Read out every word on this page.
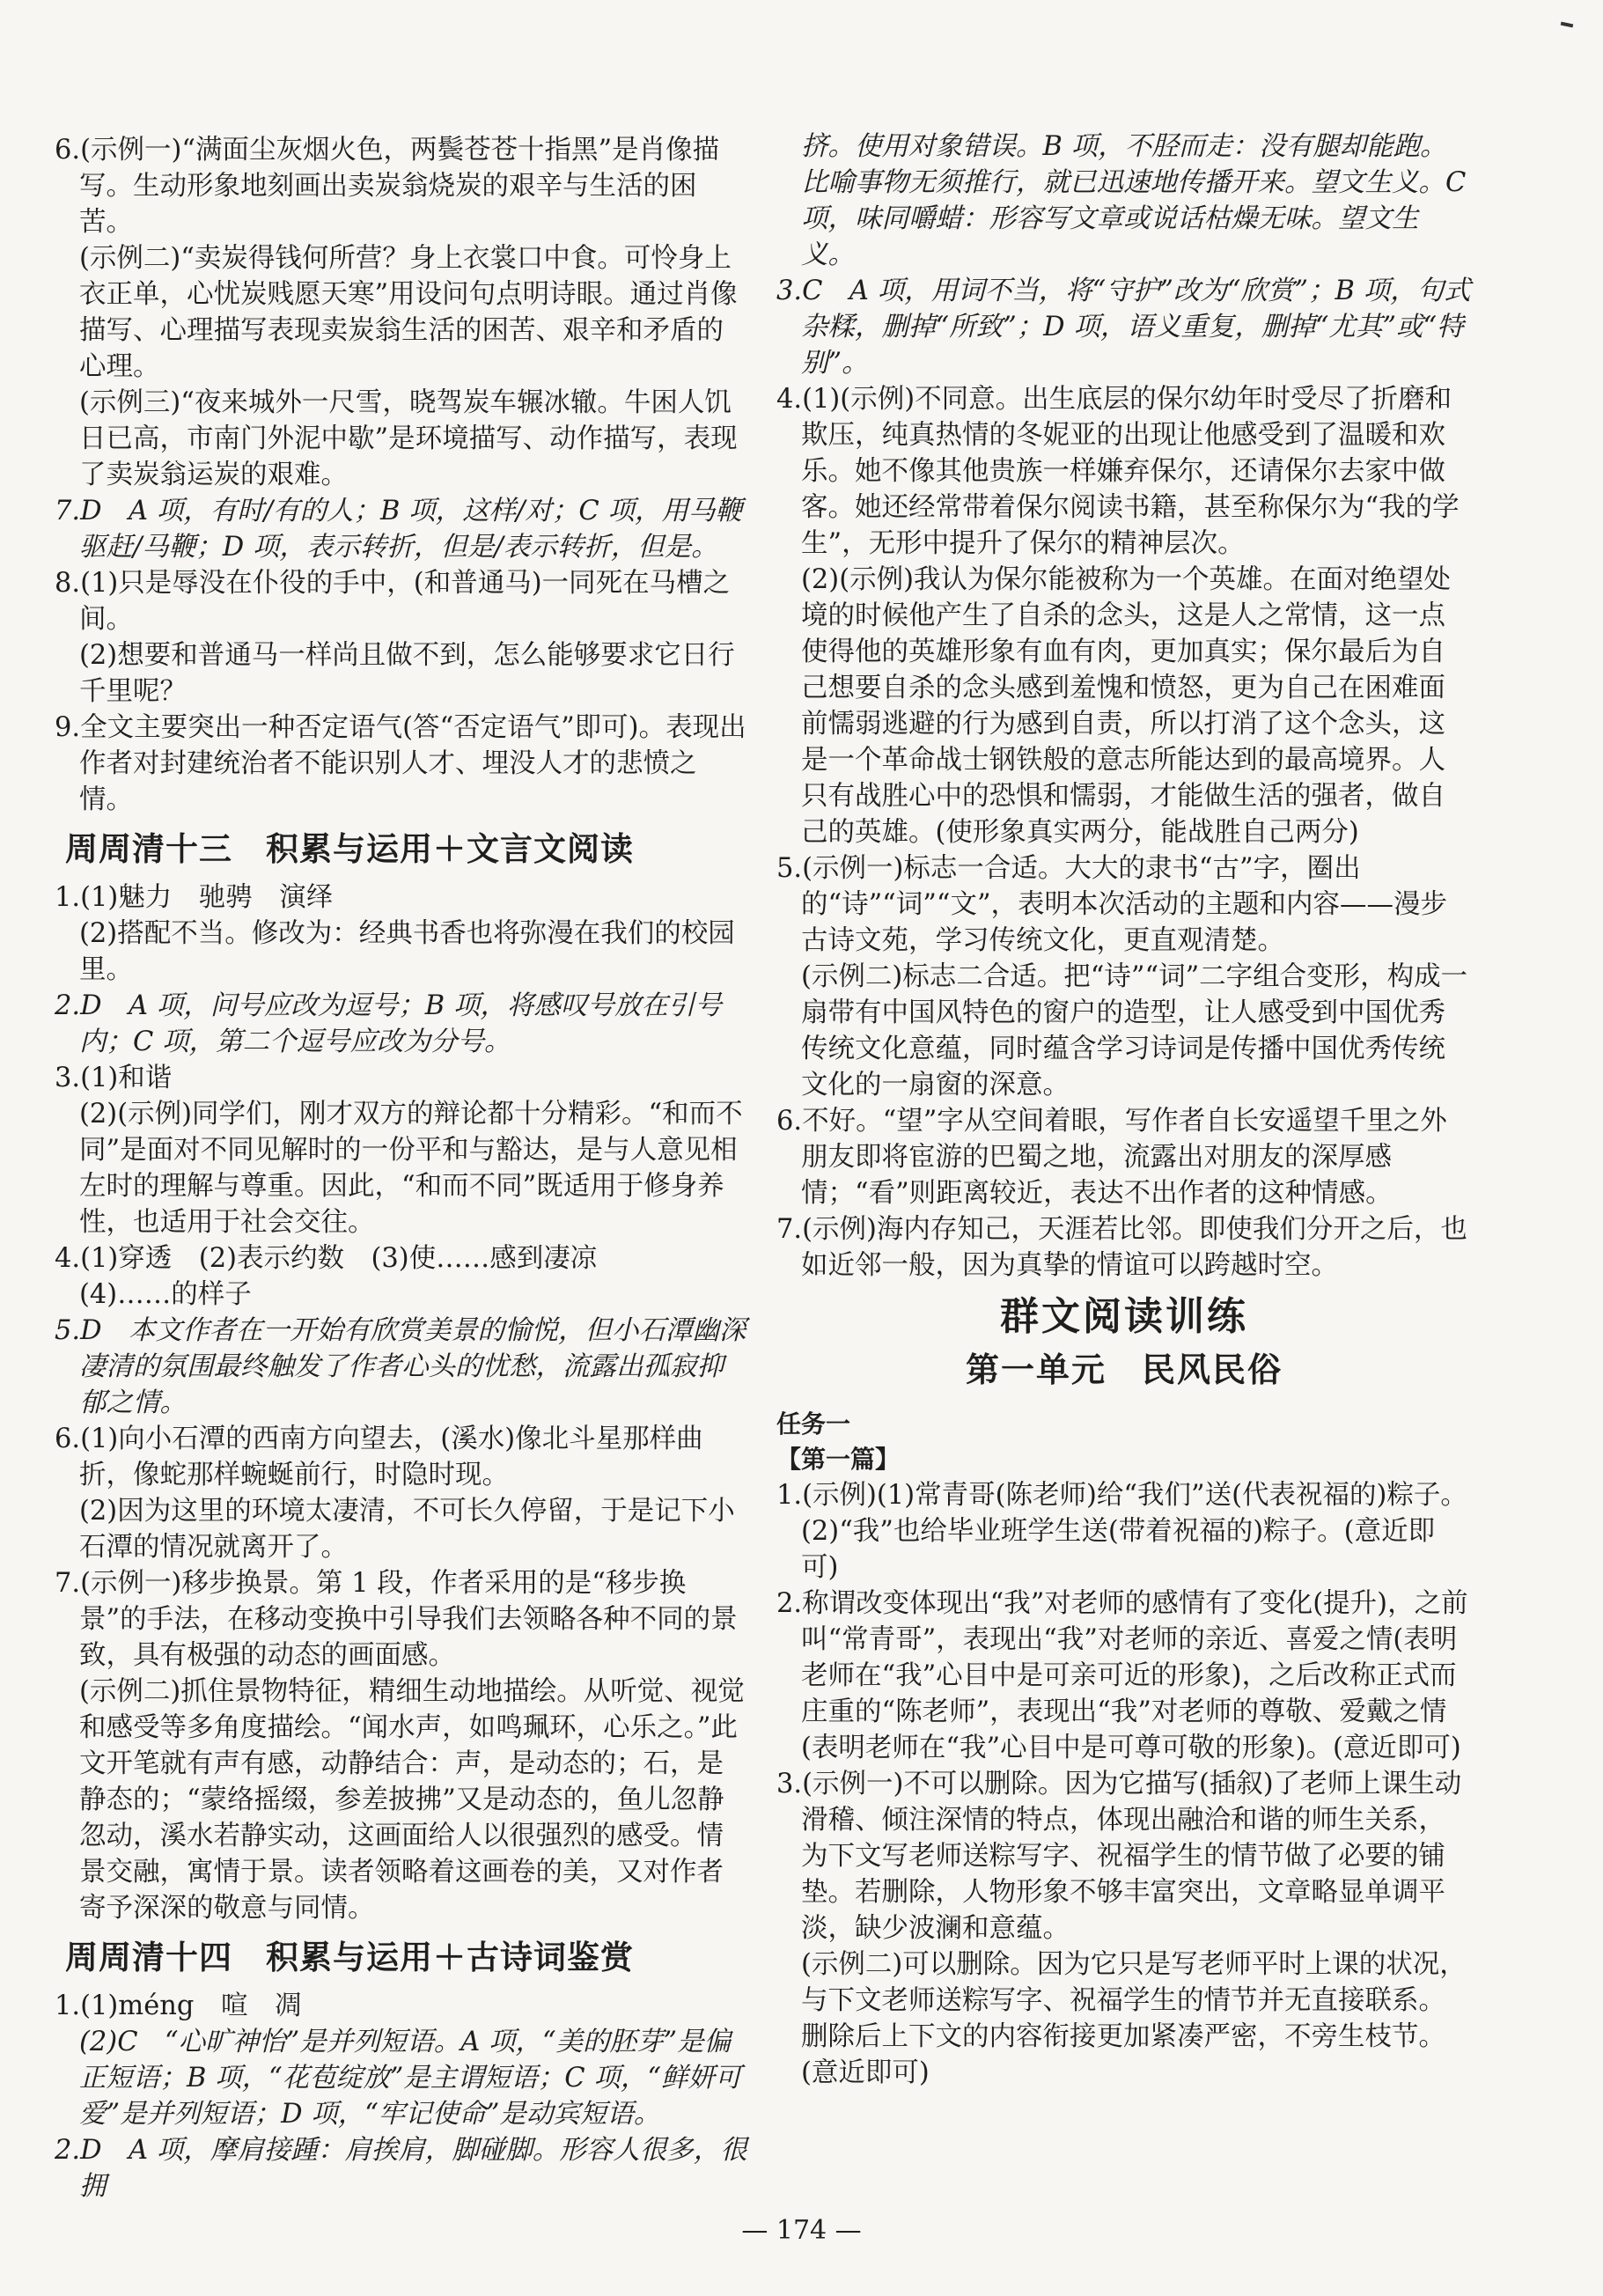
6.(示例一)“满面尘灰烟火色，两鬓苍苍十指黑”是肖像描写。生动形象地刻画出卖炭翁烧炭的艰辛与生活的困苦。

(示例二)“卖炭得钱何所营？身上衣裳口中食。可怜身上衣正单，心忧炭贱愿天寒”用设问句点明诗眼。通过肖像描写、心理描写表现卖炭翁生活的困苦、艰辛和矛盾的心理。

(示例三)“夜来城外一尺雪，晓驾炭车辗冰辙。牛困人饥日已高，市南门外泥中歇”是环境描写、动作描写，表现了卖炭翁运炭的艰难。

7.D　A 项，有时/有的人；B 项，这样/对；C 项，用马鞭驱赶/马鞭；D 项，表示转折，但是/表示转折，但是。

8.(1)只是辱没在仆役的手中，(和普通马)一同死在马槽之间。

(2)想要和普通马一样尚且做不到，怎么能够要求它日行千里呢？

9.全文主要突出一种否定语气(答“否定语气”即可)。表现出作者对封建统治者不能识别人才、埋没人才的悲愤之情。

周周清十三　积累与运用＋文言文阅读

1.(1)魅力　驰骋　演绎

(2)搭配不当。修改为：经典书香也将弥漫在我们的校园里。

2.D　A 项，问号应改为逗号；B 项，将感叹号放在引号内；C 项，第二个逗号应改为分号。

3.(1)和谐

(2)(示例)同学们，刚才双方的辩论都十分精彩。“和而不同”是面对不同见解时的一份平和与豁达，是与人意见相左时的理解与尊重。因此，“和而不同”既适用于修身养性，也适用于社会交往。

4.(1)穿透　(2)表示约数　(3)使……感到凄凉

(4)……的样子

5.D　本文作者在一开始有欣赏美景的愉悦，但小石潭幽深凄清的氛围最终触发了作者心头的忧愁，流露出孤寂抑郁之情。

6.(1)向小石潭的西南方向望去，(溪水)像北斗星那样曲折，像蛇那样蜿蜒前行，时隐时现。

(2)因为这里的环境太凄清，不可长久停留，于是记下小石潭的情况就离开了。

7.(示例一)移步换景。第 1 段，作者采用的是“移步换景”的手法，在移动变换中引导我们去领略各种不同的景致，具有极强的动态的画面感。

(示例二)抓住景物特征，精细生动地描绘。从听觉、视觉和感受等多角度描绘。“闻水声，如鸣珮环，心乐之。”此文开笔就有声有感，动静结合：声，是动态的；石，是静态的；“蒙络摇缀，参差披拂”又是动态的，鱼儿忽静忽动，溪水若静实动，这画面给人以很强烈的感受。情景交融，寓情于景。读者领略着这画卷的美，又对作者寄予深深的敬意与同情。

周周清十四　积累与运用＋古诗词鉴赏

1.(1)méng　喧　凋

(2)C　“心旷神怡”是并列短语。A 项，“美的胚芽”是偏正短语；B 项，“花苞绽放”是主谓短语；C 项，“鲜妍可爱”是并列短语；D 项，“牢记使命”是动宾短语。

2.D　A 项，摩肩接踵：肩挨肩，脚碰脚。形容人很多，很拥

挤。使用对象错误。B 项，不胫而走：没有腿却能跑。比喻事物无须推行，就已迅速地传播开来。望文生义。C 项，味同嚼蜡：形容写文章或说话枯燥无味。望文生义。

3.C　A 项，用词不当，将“守护”改为“欣赏”；B 项，句式杂糅，删掉“所致”；D 项，语义重复，删掉“尤其”或“特别”。

4.(1)(示例)不同意。出生底层的保尔幼年时受尽了折磨和欺压，纯真热情的冬妮亚的出现让他感受到了温暖和欢乐。她不像其他贵族一样嫌弃保尔，还请保尔去家中做客。她还经常带着保尔阅读书籍，甚至称保尔为“我的学生”，无形中提升了保尔的精神层次。

(2)(示例)我认为保尔能被称为一个英雄。在面对绝望处境的时候他产生了自杀的念头，这是人之常情，这一点使得他的英雄形象有血有肉，更加真实；保尔最后为自己想要自杀的念头感到羞愧和愤怒，更为自己在困难面前懦弱逃避的行为感到自责，所以打消了这个念头，这是一个革命战士钢铁般的意志所能达到的最高境界。人只有战胜心中的恐惧和懦弱，才能做生活的强者，做自己的英雄。(使形象真实两分，能战胜自己两分)

5.(示例一)标志一合适。大大的隶书“古”字，圈出的“诗”“词”“文”，表明本次活动的主题和内容——漫步古诗文苑，学习传统文化，更直观清楚。

(示例二)标志二合适。把“诗”“词”二字组合变形，构成一扇带有中国风特色的窗户的造型，让人感受到中国优秀传统文化意蕴，同时蕴含学习诗词是传播中国优秀传统文化的一扇窗的深意。

6.不好。“望”字从空间着眼，写作者自长安遥望千里之外朋友即将宦游的巴蜀之地，流露出对朋友的深厚感情；“看”则距离较近，表达不出作者的这种情感。

7.(示例)海内存知己，天涯若比邻。即使我们分开之后，也如近邻一般，因为真挚的情谊可以跨越时空。

群文阅读训练
第一单元　民风民俗
任务一
【第一篇】

1.(示例)(1)常青哥(陈老师)给“我们”送(代表祝福的)粽子。

(2)“我”也给毕业班学生送(带着祝福的)粽子。(意近即可)

2.称谓改变体现出“我”对老师的感情有了变化(提升)，之前叫“常青哥”，表现出“我”对老师的亲近、喜爱之情(表明老师在“我”心目中是可亲可近的形象)，之后改称正式而庄重的“陈老师”，表现出“我”对老师的尊敬、爱戴之情(表明老师在“我”心目中是可尊可敬的形象)。(意近即可)

3.(示例一)不可以删除。因为它描写(插叙)了老师上课生动滑稽、倾注深情的特点，体现出融洽和谐的师生关系，为下文写老师送粽写字、祝福学生的情节做了必要的铺垫。若删除，人物形象不够丰富突出，文章略显单调平淡，缺少波澜和意蕴。

(示例二)可以删除。因为它只是写老师平时上课的状况，与下文老师送粽写字、祝福学生的情节并无直接联系。删除后上下文的内容衔接更加紧凑严密，不旁生枝节。(意近即可)

— 174 —
